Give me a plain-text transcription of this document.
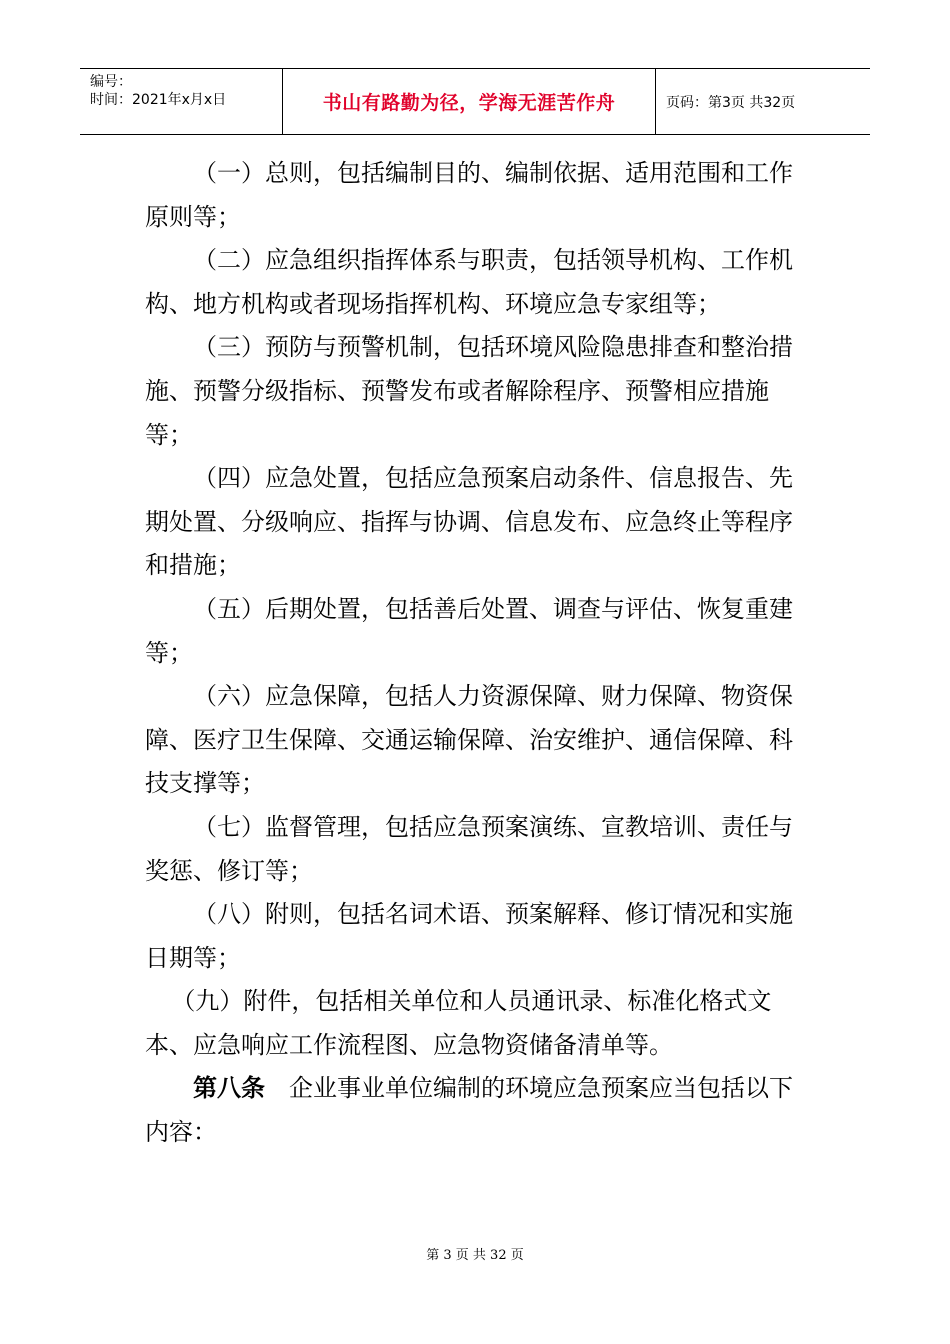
编号：
时间：2021年x月x日	书山有路勤为径，学海无涯苦作舟	页码：第3页 共32页

（一）总则，包括编制目的、编制依据、适用范围和工作原则等；

（二）应急组织指挥体系与职责，包括领导机构、工作机构、地方机构或者现场指挥机构、环境应急专家组等；

（三）预防与预警机制，包括环境风险隐患排查和整治措施、预警分级指标、预警发布或者解除程序、预警相应措施等；

（四）应急处置，包括应急预案启动条件、信息报告、先期处置、分级响应、指挥与协调、信息发布、应急终止等程序和措施；

（五）后期处置，包括善后处置、调查与评估、恢复重建等；

（六）应急保障，包括人力资源保障、财力保障、物资保障、医疗卫生保障、交通运输保障、治安维护、通信保障、科技支撑等；

（七）监督管理，包括应急预案演练、宣教培训、责任与奖惩、修订等；

（八）附则，包括名词术语、预案解释、修订情况和实施日期等；

（九）附件，包括相关单位和人员通讯录、标准化格式文本、应急响应工作流程图、应急物资储备清单等。

第八条 企业事业单位编制的环境应急预案应当包括以下内容：

第 3 页 共 32 页
